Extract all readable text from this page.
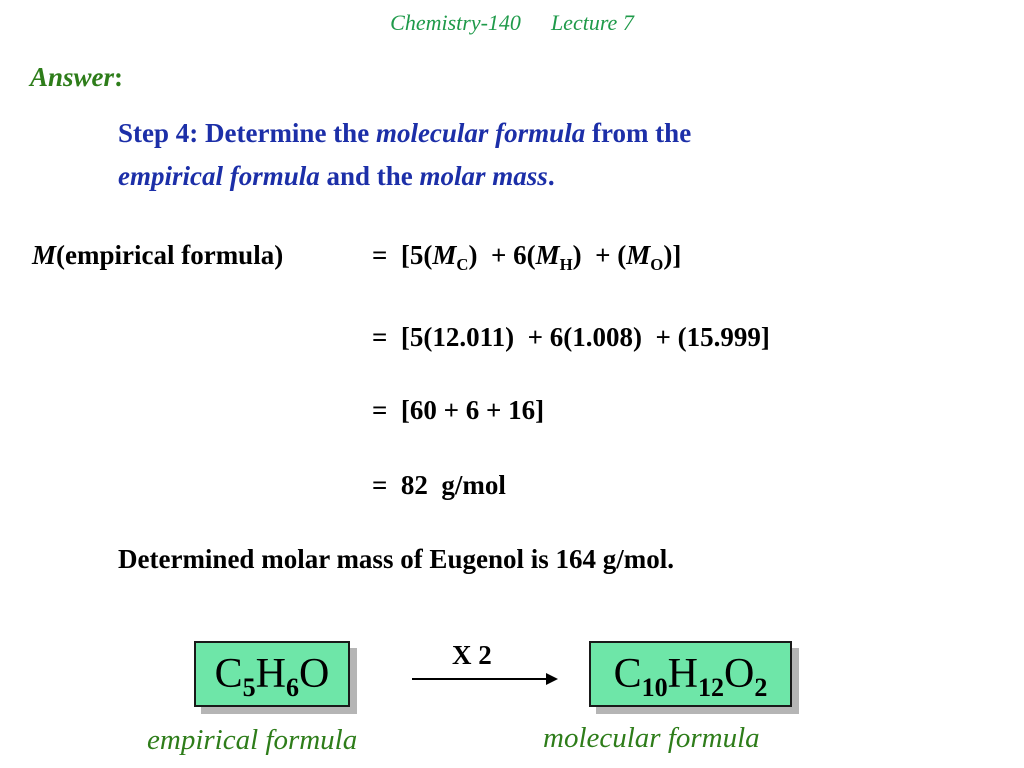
Chemistry-140 Lecture 7
Answer:
Step 4: Determine the molecular formula from the
empirical formula and the molar mass.
M(empirical formula)	= $[5(M_C) + 6(M_H) + (M_O)]$
=  [5(12.011)  + 6(1.008)  + (15.999]
=  [60 + 6 + 16]
=  82  g/mol
Determined molar mass of Eugenol is 164 g/mol.
$C_5H_6O$	X 2	$C_{10}H_{12}O_2$
empirical formula	molecular formula
